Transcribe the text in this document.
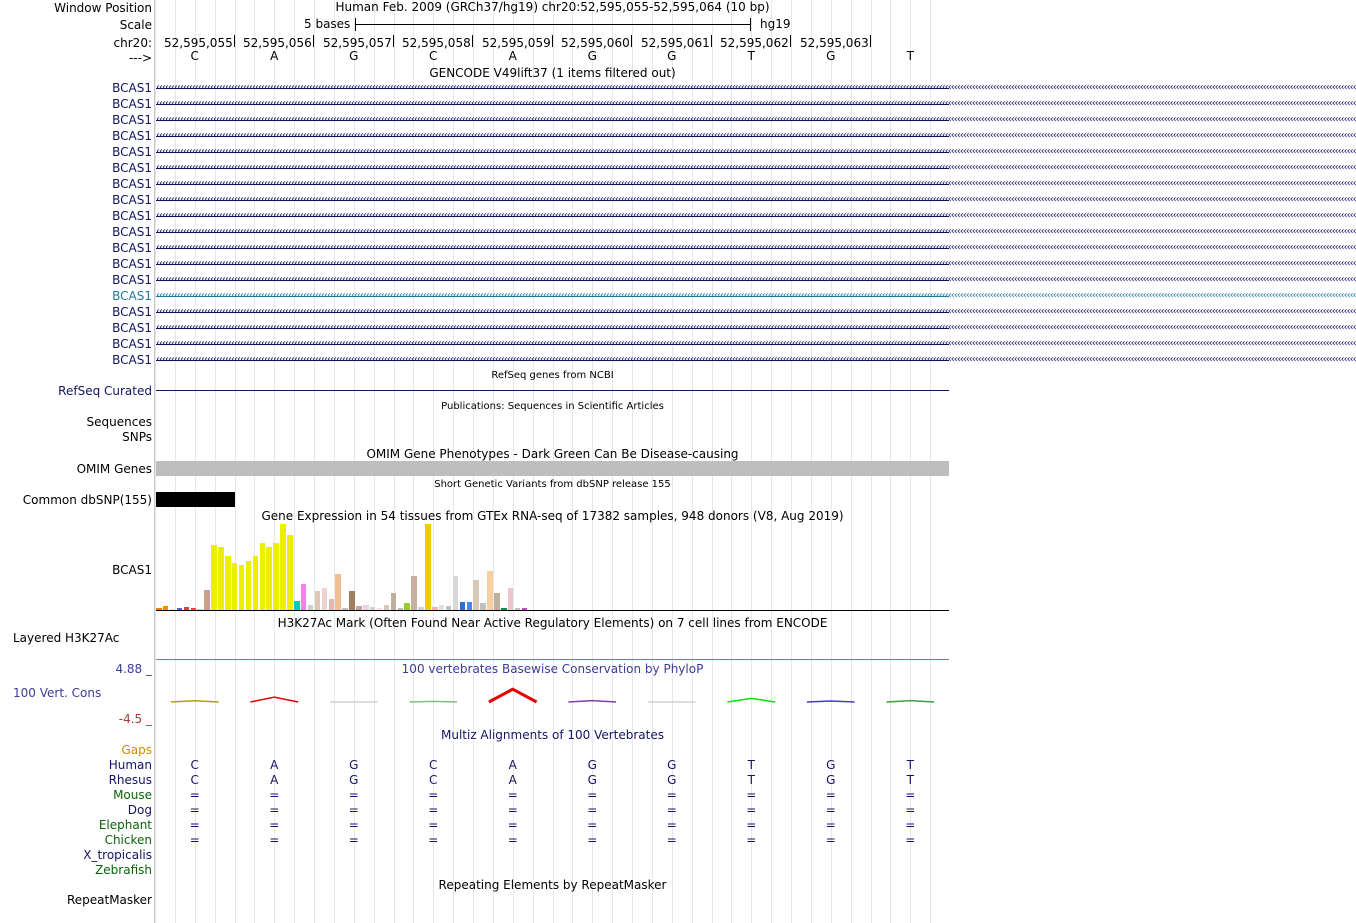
Window Position	Human Feb. 2009 (GRCh37/hg19) chr20:52,595,055-52,595,064 (10 bp)
Scale	5 bases	hg19
chr20: 52,595,055 52,595,056 52,595,057 52,595,058 52,595,059 52,595,060 52,595,061 52,595,062 52,595,063
--->	C	A	G	C	A	G	G	T	G	T
GENCODE V49lift37 (1 items filtered out)
BCAS1 ‹‹‹‹‹‹‹‹‹‹‹‹‹‹‹‹‹‹‹‹‹‹‹‹‹‹‹‹‹‹‹‹‹‹‹‹‹‹‹‹‹‹‹‹‹‹‹‹‹‹‹‹‹‹‹‹‹‹‹‹‹‹‹‹‹‹‹‹‹‹‹‹‹‹‹‹‹‹‹‹‹‹‹‹‹‹‹‹‹‹‹‹‹‹‹‹‹‹‹‹‹‹‹‹‹‹‹‹‹‹‹‹‹‹‹‹‹‹‹‹‹‹‹‹‹‹‹‹‹‹‹‹‹‹‹‹‹‹‹‹‹‹‹‹‹‹‹‹‹‹‹‹‹‹‹‹‹‹‹‹‹‹‹‹‹‹‹‹‹‹‹‹‹‹‹‹‹‹‹‹‹‹‹‹‹‹‹‹‹‹‹‹‹‹‹‹‹‹‹‹‹‹‹‹‹‹‹‹‹‹‹‹‹‹‹‹‹‹‹‹‹‹‹‹‹‹‹‹‹‹‹‹‹‹‹‹‹‹‹‹‹‹‹‹‹‹‹‹‹‹‹‹‹‹‹‹‹‹‹‹‹‹‹‹‹‹‹‹‹‹‹‹‹‹‹‹‹‹‹‹‹‹‹‹‹‹‹‹‹‹‹‹‹‹‹‹‹‹‹‹‹‹‹‹‹‹‹‹‹‹‹‹‹‹‹‹‹‹‹‹‹‹‹‹‹‹‹‹‹‹‹‹‹‹‹‹‹‹‹‹‹‹‹‹‹‹‹‹‹‹‹‹‹‹‹‹‹‹‹‹‹‹‹‹‹‹‹‹‹‹‹‹‹‹‹‹‹‹‹‹‹‹‹‹‹‹‹‹‹‹‹‹‹‹‹‹‹‹‹‹
BCAS1 ‹‹‹‹‹‹‹‹‹‹‹‹‹‹‹‹‹‹‹‹‹‹‹‹‹‹‹‹‹‹‹‹‹‹‹‹‹‹‹‹‹‹‹‹‹‹‹‹‹‹‹‹‹‹‹‹‹‹‹‹‹‹‹‹‹‹‹‹‹‹‹‹‹‹‹‹‹‹‹‹‹‹‹‹‹‹‹‹‹‹‹‹‹‹‹‹‹‹‹‹‹‹‹‹‹‹‹‹‹‹‹‹‹‹‹‹‹‹‹‹‹‹‹‹‹‹‹‹‹‹‹‹‹‹‹‹‹‹‹‹‹‹‹‹‹‹‹‹‹‹‹‹‹‹‹‹‹‹‹‹‹‹‹‹‹‹‹‹‹‹‹‹‹‹‹‹‹‹‹‹‹‹‹‹‹‹‹‹‹‹‹‹‹‹‹‹‹‹‹‹‹‹‹‹‹‹‹‹‹‹‹‹‹‹‹‹‹‹‹‹‹‹‹‹‹‹‹‹‹‹‹‹‹‹‹‹‹‹‹‹‹‹‹‹‹‹‹‹‹‹‹‹‹‹‹‹‹‹‹‹‹‹‹‹‹‹‹‹‹‹‹‹‹‹‹‹‹‹‹‹‹‹‹‹‹‹‹‹‹‹‹‹‹‹‹‹‹‹‹‹‹‹‹‹‹‹‹‹‹‹‹‹‹‹‹‹‹‹‹‹‹‹‹‹‹‹‹‹‹‹‹‹‹‹‹‹‹‹‹‹‹‹‹‹‹‹‹‹‹‹‹‹‹‹‹‹‹‹‹‹‹‹‹‹‹‹‹‹‹‹‹‹‹‹‹‹‹‹‹‹‹‹‹‹‹‹‹‹‹‹‹‹‹‹‹‹‹‹‹‹
BCAS1 ‹‹‹‹‹‹‹‹‹‹‹‹‹‹‹‹‹‹‹‹‹‹‹‹‹‹‹‹‹‹‹‹‹‹‹‹‹‹‹‹‹‹‹‹‹‹‹‹‹‹‹‹‹‹‹‹‹‹‹‹‹‹‹‹‹‹‹‹‹‹‹‹‹‹‹‹‹‹‹‹‹‹‹‹‹‹‹‹‹‹‹‹‹‹‹‹‹‹‹‹‹‹‹‹‹‹‹‹‹‹‹‹‹‹‹‹‹‹‹‹‹‹‹‹‹‹‹‹‹‹‹‹‹‹‹‹‹‹‹‹‹‹‹‹‹‹‹‹‹‹‹‹‹‹‹‹‹‹‹‹‹‹‹‹‹‹‹‹‹‹‹‹‹‹‹‹‹‹‹‹‹‹‹‹‹‹‹‹‹‹‹‹‹‹‹‹‹‹‹‹‹‹‹‹‹‹‹‹‹‹‹‹‹‹‹‹‹‹‹‹‹‹‹‹‹‹‹‹‹‹‹‹‹‹‹‹‹‹‹‹‹‹‹‹‹‹‹‹‹‹‹‹‹‹‹‹‹‹‹‹‹‹‹‹‹‹‹‹‹‹‹‹‹‹‹‹‹‹‹‹‹‹‹‹‹‹‹‹‹‹‹‹‹‹‹‹‹‹‹‹‹‹‹‹‹‹‹‹‹‹‹‹‹‹‹‹‹‹‹‹‹‹‹‹‹‹‹‹‹‹‹‹‹‹‹‹‹‹‹‹‹‹‹‹‹‹‹‹‹‹‹‹‹‹‹‹‹‹‹‹‹‹‹‹‹‹‹‹‹‹‹‹‹‹‹‹‹‹‹‹‹‹‹‹‹‹‹‹‹‹‹‹‹‹‹‹‹‹‹‹
BCAS1 ‹‹‹‹‹‹‹‹‹‹‹‹‹‹‹‹‹‹‹‹‹‹‹‹‹‹‹‹‹‹‹‹‹‹‹‹‹‹‹‹‹‹‹‹‹‹‹‹‹‹‹‹‹‹‹‹‹‹‹‹‹‹‹‹‹‹‹‹‹‹‹‹‹‹‹‹‹‹‹‹‹‹‹‹‹‹‹‹‹‹‹‹‹‹‹‹‹‹‹‹‹‹‹‹‹‹‹‹‹‹‹‹‹‹‹‹‹‹‹‹‹‹‹‹‹‹‹‹‹‹‹‹‹‹‹‹‹‹‹‹‹‹‹‹‹‹‹‹‹‹‹‹‹‹‹‹‹‹‹‹‹‹‹‹‹‹‹‹‹‹‹‹‹‹‹‹‹‹‹‹‹‹‹‹‹‹‹‹‹‹‹‹‹‹‹‹‹‹‹‹‹‹‹‹‹‹‹‹‹‹‹‹‹‹‹‹‹‹‹‹‹‹‹‹‹‹‹‹‹‹‹‹‹‹‹‹‹‹‹‹‹‹‹‹‹‹‹‹‹‹‹‹‹‹‹‹‹‹‹‹‹‹‹‹‹‹‹‹‹‹‹‹‹‹‹‹‹‹‹‹‹‹‹‹‹‹‹‹‹‹‹‹‹‹‹‹‹‹‹‹‹‹‹‹‹‹‹‹‹‹‹‹‹‹‹‹‹‹‹‹‹‹‹‹‹‹‹‹‹‹‹‹‹‹‹‹‹‹‹‹‹‹‹‹‹‹‹‹‹‹‹‹‹‹‹‹‹‹‹‹‹‹‹‹‹‹‹‹‹‹‹‹‹‹‹‹‹‹‹‹‹‹‹‹‹‹‹‹‹‹‹‹‹‹‹‹‹‹‹‹
BCAS1 ‹‹‹‹‹‹‹‹‹‹‹‹‹‹‹‹‹‹‹‹‹‹‹‹‹‹‹‹‹‹‹‹‹‹‹‹‹‹‹‹‹‹‹‹‹‹‹‹‹‹‹‹‹‹‹‹‹‹‹‹‹‹‹‹‹‹‹‹‹‹‹‹‹‹‹‹‹‹‹‹‹‹‹‹‹‹‹‹‹‹‹‹‹‹‹‹‹‹‹‹‹‹‹‹‹‹‹‹‹‹‹‹‹‹‹‹‹‹‹‹‹‹‹‹‹‹‹‹‹‹‹‹‹‹‹‹‹‹‹‹‹‹‹‹‹‹‹‹‹‹‹‹‹‹‹‹‹‹‹‹‹‹‹‹‹‹‹‹‹‹‹‹‹‹‹‹‹‹‹‹‹‹‹‹‹‹‹‹‹‹‹‹‹‹‹‹‹‹‹‹‹‹‹‹‹‹‹‹‹‹‹‹‹‹‹‹‹‹‹‹‹‹‹‹‹‹‹‹‹‹‹‹‹‹‹‹‹‹‹‹‹‹‹‹‹‹‹‹‹‹‹‹‹‹‹‹‹‹‹‹‹‹‹‹‹‹‹‹‹‹‹‹‹‹‹‹‹‹‹‹‹‹‹‹‹‹‹‹‹‹‹‹‹‹‹‹‹‹‹‹‹‹‹‹‹‹‹‹‹‹‹‹‹‹‹‹‹‹‹‹‹‹‹‹‹‹‹‹‹‹‹‹‹‹‹‹‹‹‹‹‹‹‹‹‹‹‹‹‹‹‹‹‹‹‹‹‹‹‹‹‹‹‹‹‹‹‹‹‹‹‹‹‹‹‹‹‹‹‹‹‹‹‹‹‹‹‹‹‹‹‹‹‹‹‹‹‹‹‹‹
BCAS1 ‹‹‹‹‹‹‹‹‹‹‹‹‹‹‹‹‹‹‹‹‹‹‹‹‹‹‹‹‹‹‹‹‹‹‹‹‹‹‹‹‹‹‹‹‹‹‹‹‹‹‹‹‹‹‹‹‹‹‹‹‹‹‹‹‹‹‹‹‹‹‹‹‹‹‹‹‹‹‹‹‹‹‹‹‹‹‹‹‹‹‹‹‹‹‹‹‹‹‹‹‹‹‹‹‹‹‹‹‹‹‹‹‹‹‹‹‹‹‹‹‹‹‹‹‹‹‹‹‹‹‹‹‹‹‹‹‹‹‹‹‹‹‹‹‹‹‹‹‹‹‹‹‹‹‹‹‹‹‹‹‹‹‹‹‹‹‹‹‹‹‹‹‹‹‹‹‹‹‹‹‹‹‹‹‹‹‹‹‹‹‹‹‹‹‹‹‹‹‹‹‹‹‹‹‹‹‹‹‹‹‹‹‹‹‹‹‹‹‹‹‹‹‹‹‹‹‹‹‹‹‹‹‹‹‹‹‹‹‹‹‹‹‹‹‹‹‹‹‹‹‹‹‹‹‹‹‹‹‹‹‹‹‹‹‹‹‹‹‹‹‹‹‹‹‹‹‹‹‹‹‹‹‹‹‹‹‹‹‹‹‹‹‹‹‹‹‹‹‹‹‹‹‹‹‹‹‹‹‹‹‹‹‹‹‹‹‹‹‹‹‹‹‹‹‹‹‹‹‹‹‹‹‹‹‹‹‹‹‹‹‹‹‹‹‹‹‹‹‹‹‹‹‹‹‹‹‹‹‹‹‹‹‹‹‹‹‹‹‹‹‹‹‹‹‹‹‹‹‹‹‹‹‹‹‹‹‹‹‹‹‹‹‹‹‹‹‹‹‹‹
BCAS1 ‹‹‹‹‹‹‹‹‹‹‹‹‹‹‹‹‹‹‹‹‹‹‹‹‹‹‹‹‹‹‹‹‹‹‹‹‹‹‹‹‹‹‹‹‹‹‹‹‹‹‹‹‹‹‹‹‹‹‹‹‹‹‹‹‹‹‹‹‹‹‹‹‹‹‹‹‹‹‹‹‹‹‹‹‹‹‹‹‹‹‹‹‹‹‹‹‹‹‹‹‹‹‹‹‹‹‹‹‹‹‹‹‹‹‹‹‹‹‹‹‹‹‹‹‹‹‹‹‹‹‹‹‹‹‹‹‹‹‹‹‹‹‹‹‹‹‹‹‹‹‹‹‹‹‹‹‹‹‹‹‹‹‹‹‹‹‹‹‹‹‹‹‹‹‹‹‹‹‹‹‹‹‹‹‹‹‹‹‹‹‹‹‹‹‹‹‹‹‹‹‹‹‹‹‹‹‹‹‹‹‹‹‹‹‹‹‹‹‹‹‹‹‹‹‹‹‹‹‹‹‹‹‹‹‹‹‹‹‹‹‹‹‹‹‹‹‹‹‹‹‹‹‹‹‹‹‹‹‹‹‹‹‹‹‹‹‹‹‹‹‹‹‹‹‹‹‹‹‹‹‹‹‹‹‹‹‹‹‹‹‹‹‹‹‹‹‹‹‹‹‹‹‹‹‹‹‹‹‹‹‹‹‹‹‹‹‹‹‹‹‹‹‹‹‹‹‹‹‹‹‹‹‹‹‹‹‹‹‹‹‹‹‹‹‹‹‹‹‹‹‹‹‹‹‹‹‹‹‹‹‹‹‹‹‹‹‹‹‹‹‹‹‹‹‹‹‹‹‹‹‹‹‹‹‹‹‹‹‹‹‹‹‹‹‹‹‹‹‹‹
BCAS1 ‹‹‹‹‹‹‹‹‹‹‹‹‹‹‹‹‹‹‹‹‹‹‹‹‹‹‹‹‹‹‹‹‹‹‹‹‹‹‹‹‹‹‹‹‹‹‹‹‹‹‹‹‹‹‹‹‹‹‹‹‹‹‹‹‹‹‹‹‹‹‹‹‹‹‹‹‹‹‹‹‹‹‹‹‹‹‹‹‹‹‹‹‹‹‹‹‹‹‹‹‹‹‹‹‹‹‹‹‹‹‹‹‹‹‹‹‹‹‹‹‹‹‹‹‹‹‹‹‹‹‹‹‹‹‹‹‹‹‹‹‹‹‹‹‹‹‹‹‹‹‹‹‹‹‹‹‹‹‹‹‹‹‹‹‹‹‹‹‹‹‹‹‹‹‹‹‹‹‹‹‹‹‹‹‹‹‹‹‹‹‹‹‹‹‹‹‹‹‹‹‹‹‹‹‹‹‹‹‹‹‹‹‹‹‹‹‹‹‹‹‹‹‹‹‹‹‹‹‹‹‹‹‹‹‹‹‹‹‹‹‹‹‹‹‹‹‹‹‹‹‹‹‹‹‹‹‹‹‹‹‹‹‹‹‹‹‹‹‹‹‹‹‹‹‹‹‹‹‹‹‹‹‹‹‹‹‹‹‹‹‹‹‹‹‹‹‹‹‹‹‹‹‹‹‹‹‹‹‹‹‹‹‹‹‹‹‹‹‹‹‹‹‹‹‹‹‹‹‹‹‹‹‹‹‹‹‹‹‹‹‹‹‹‹‹‹‹‹‹‹‹‹‹‹‹‹‹‹‹‹‹‹‹‹‹‹‹‹‹‹‹‹‹‹‹‹‹‹‹‹‹‹‹‹‹‹‹‹‹‹‹‹‹‹‹‹‹‹‹‹
BCAS1 ‹‹‹‹‹‹‹‹‹‹‹‹‹‹‹‹‹‹‹‹‹‹‹‹‹‹‹‹‹‹‹‹‹‹‹‹‹‹‹‹‹‹‹‹‹‹‹‹‹‹‹‹‹‹‹‹‹‹‹‹‹‹‹‹‹‹‹‹‹‹‹‹‹‹‹‹‹‹‹‹‹‹‹‹‹‹‹‹‹‹‹‹‹‹‹‹‹‹‹‹‹‹‹‹‹‹‹‹‹‹‹‹‹‹‹‹‹‹‹‹‹‹‹‹‹‹‹‹‹‹‹‹‹‹‹‹‹‹‹‹‹‹‹‹‹‹‹‹‹‹‹‹‹‹‹‹‹‹‹‹‹‹‹‹‹‹‹‹‹‹‹‹‹‹‹‹‹‹‹‹‹‹‹‹‹‹‹‹‹‹‹‹‹‹‹‹‹‹‹‹‹‹‹‹‹‹‹‹‹‹‹‹‹‹‹‹‹‹‹‹‹‹‹‹‹‹‹‹‹‹‹‹‹‹‹‹‹‹‹‹‹‹‹‹‹‹‹‹‹‹‹‹‹‹‹‹‹‹‹‹‹‹‹‹‹‹‹‹‹‹‹‹‹‹‹‹‹‹‹‹‹‹‹‹‹‹‹‹‹‹‹‹‹‹‹‹‹‹‹‹‹‹‹‹‹‹‹‹‹‹‹‹‹‹‹‹‹‹‹‹‹‹‹‹‹‹‹‹‹‹‹‹‹‹‹‹‹‹‹‹‹‹‹‹‹‹‹‹‹‹‹‹‹‹‹‹‹‹‹‹‹‹‹‹‹‹‹‹‹‹‹‹‹‹‹‹‹‹‹‹‹‹‹‹‹‹‹‹‹‹‹‹‹‹‹‹‹‹‹‹
BCAS1 ‹‹‹‹‹‹‹‹‹‹‹‹‹‹‹‹‹‹‹‹‹‹‹‹‹‹‹‹‹‹‹‹‹‹‹‹‹‹‹‹‹‹‹‹‹‹‹‹‹‹‹‹‹‹‹‹‹‹‹‹‹‹‹‹‹‹‹‹‹‹‹‹‹‹‹‹‹‹‹‹‹‹‹‹‹‹‹‹‹‹‹‹‹‹‹‹‹‹‹‹‹‹‹‹‹‹‹‹‹‹‹‹‹‹‹‹‹‹‹‹‹‹‹‹‹‹‹‹‹‹‹‹‹‹‹‹‹‹‹‹‹‹‹‹‹‹‹‹‹‹‹‹‹‹‹‹‹‹‹‹‹‹‹‹‹‹‹‹‹‹‹‹‹‹‹‹‹‹‹‹‹‹‹‹‹‹‹‹‹‹‹‹‹‹‹‹‹‹‹‹‹‹‹‹‹‹‹‹‹‹‹‹‹‹‹‹‹‹‹‹‹‹‹‹‹‹‹‹‹‹‹‹‹‹‹‹‹‹‹‹‹‹‹‹‹‹‹‹‹‹‹‹‹‹‹‹‹‹‹‹‹‹‹‹‹‹‹‹‹‹‹‹‹‹‹‹‹‹‹‹‹‹‹‹‹‹‹‹‹‹‹‹‹‹‹‹‹‹‹‹‹‹‹‹‹‹‹‹‹‹‹‹‹‹‹‹‹‹‹‹‹‹‹‹‹‹‹‹‹‹‹‹‹‹‹‹‹‹‹‹‹‹‹‹‹‹‹‹‹‹‹‹‹‹‹‹‹‹‹‹‹‹‹‹‹‹‹‹‹‹‹‹‹‹‹‹‹‹‹‹‹‹‹‹‹‹‹‹‹‹‹‹‹‹‹‹‹‹‹‹
BCAS1 ‹‹‹‹‹‹‹‹‹‹‹‹‹‹‹‹‹‹‹‹‹‹‹‹‹‹‹‹‹‹‹‹‹‹‹‹‹‹‹‹‹‹‹‹‹‹‹‹‹‹‹‹‹‹‹‹‹‹‹‹‹‹‹‹‹‹‹‹‹‹‹‹‹‹‹‹‹‹‹‹‹‹‹‹‹‹‹‹‹‹‹‹‹‹‹‹‹‹‹‹‹‹‹‹‹‹‹‹‹‹‹‹‹‹‹‹‹‹‹‹‹‹‹‹‹‹‹‹‹‹‹‹‹‹‹‹‹‹‹‹‹‹‹‹‹‹‹‹‹‹‹‹‹‹‹‹‹‹‹‹‹‹‹‹‹‹‹‹‹‹‹‹‹‹‹‹‹‹‹‹‹‹‹‹‹‹‹‹‹‹‹‹‹‹‹‹‹‹‹‹‹‹‹‹‹‹‹‹‹‹‹‹‹‹‹‹‹‹‹‹‹‹‹‹‹‹‹‹‹‹‹‹‹‹‹‹‹‹‹‹‹‹‹‹‹‹‹‹‹‹‹‹‹‹‹‹‹‹‹‹‹‹‹‹‹‹‹‹‹‹‹‹‹‹‹‹‹‹‹‹‹‹‹‹‹‹‹‹‹‹‹‹‹‹‹‹‹‹‹‹‹‹‹‹‹‹‹‹‹‹‹‹‹‹‹‹‹‹‹‹‹‹‹‹‹‹‹‹‹‹‹‹‹‹‹‹‹‹‹‹‹‹‹‹‹‹‹‹‹‹‹‹‹‹‹‹‹‹‹‹‹‹‹‹‹‹‹‹‹‹‹‹‹‹‹‹‹‹‹‹‹‹‹‹‹‹‹‹‹‹‹‹‹‹‹‹‹‹‹‹
BCAS1 ‹‹‹‹‹‹‹‹‹‹‹‹‹‹‹‹‹‹‹‹‹‹‹‹‹‹‹‹‹‹‹‹‹‹‹‹‹‹‹‹‹‹‹‹‹‹‹‹‹‹‹‹‹‹‹‹‹‹‹‹‹‹‹‹‹‹‹‹‹‹‹‹‹‹‹‹‹‹‹‹‹‹‹‹‹‹‹‹‹‹‹‹‹‹‹‹‹‹‹‹‹‹‹‹‹‹‹‹‹‹‹‹‹‹‹‹‹‹‹‹‹‹‹‹‹‹‹‹‹‹‹‹‹‹‹‹‹‹‹‹‹‹‹‹‹‹‹‹‹‹‹‹‹‹‹‹‹‹‹‹‹‹‹‹‹‹‹‹‹‹‹‹‹‹‹‹‹‹‹‹‹‹‹‹‹‹‹‹‹‹‹‹‹‹‹‹‹‹‹‹‹‹‹‹‹‹‹‹‹‹‹‹‹‹‹‹‹‹‹‹‹‹‹‹‹‹‹‹‹‹‹‹‹‹‹‹‹‹‹‹‹‹‹‹‹‹‹‹‹‹‹‹‹‹‹‹‹‹‹‹‹‹‹‹‹‹‹‹‹‹‹‹‹‹‹‹‹‹‹‹‹‹‹‹‹‹‹‹‹‹‹‹‹‹‹‹‹‹‹‹‹‹‹‹‹‹‹‹‹‹‹‹‹‹‹‹‹‹‹‹‹‹‹‹‹‹‹‹‹‹‹‹‹‹‹‹‹‹‹‹‹‹‹‹‹‹‹‹‹‹‹‹‹‹‹‹‹‹‹‹‹‹‹‹‹‹‹‹‹‹‹‹‹‹‹‹‹‹‹‹‹‹‹‹‹‹‹‹‹‹‹‹‹‹‹‹‹‹‹‹
BCAS1 ‹‹‹‹‹‹‹‹‹‹‹‹‹‹‹‹‹‹‹‹‹‹‹‹‹‹‹‹‹‹‹‹‹‹‹‹‹‹‹‹‹‹‹‹‹‹‹‹‹‹‹‹‹‹‹‹‹‹‹‹‹‹‹‹‹‹‹‹‹‹‹‹‹‹‹‹‹‹‹‹‹‹‹‹‹‹‹‹‹‹‹‹‹‹‹‹‹‹‹‹‹‹‹‹‹‹‹‹‹‹‹‹‹‹‹‹‹‹‹‹‹‹‹‹‹‹‹‹‹‹‹‹‹‹‹‹‹‹‹‹‹‹‹‹‹‹‹‹‹‹‹‹‹‹‹‹‹‹‹‹‹‹‹‹‹‹‹‹‹‹‹‹‹‹‹‹‹‹‹‹‹‹‹‹‹‹‹‹‹‹‹‹‹‹‹‹‹‹‹‹‹‹‹‹‹‹‹‹‹‹‹‹‹‹‹‹‹‹‹‹‹‹‹‹‹‹‹‹‹‹‹‹‹‹‹‹‹‹‹‹‹‹‹‹‹‹‹‹‹‹‹‹‹‹‹‹‹‹‹‹‹‹‹‹‹‹‹‹‹‹‹‹‹‹‹‹‹‹‹‹‹‹‹‹‹‹‹‹‹‹‹‹‹‹‹‹‹‹‹‹‹‹‹‹‹‹‹‹‹‹‹‹‹‹‹‹‹‹‹‹‹‹‹‹‹‹‹‹‹‹‹‹‹‹‹‹‹‹‹‹‹‹‹‹‹‹‹‹‹‹‹‹‹‹‹‹‹‹‹‹‹‹‹‹‹‹‹‹‹‹‹‹‹‹‹‹‹‹‹‹‹‹‹‹‹‹‹‹‹‹‹‹‹‹‹‹‹‹‹‹
BCAS1 ‹‹‹‹‹‹‹‹‹‹‹‹‹‹‹‹‹‹‹‹‹‹‹‹‹‹‹‹‹‹‹‹‹‹‹‹‹‹‹‹‹‹‹‹‹‹‹‹‹‹‹‹‹‹‹‹‹‹‹‹‹‹‹‹‹‹‹‹‹‹‹‹‹‹‹‹‹‹‹‹‹‹‹‹‹‹‹‹‹‹‹‹‹‹‹‹‹‹‹‹‹‹‹‹‹‹‹‹‹‹‹‹‹‹‹‹‹‹‹‹‹‹‹‹‹‹‹‹‹‹‹‹‹‹‹‹‹‹‹‹‹‹‹‹‹‹‹‹‹‹‹‹‹‹‹‹‹‹‹‹‹‹‹‹‹‹‹‹‹‹‹‹‹‹‹‹‹‹‹‹‹‹‹‹‹‹‹‹‹‹‹‹‹‹‹‹‹‹‹‹‹‹‹‹‹‹‹‹‹‹‹‹‹‹‹‹‹‹‹‹‹‹‹‹‹‹‹‹‹‹‹‹‹‹‹‹‹‹‹‹‹‹‹‹‹‹‹‹‹‹‹‹‹‹‹‹‹‹‹‹‹‹‹‹‹‹‹‹‹‹‹‹‹‹‹‹‹‹‹‹‹‹‹‹‹‹‹‹‹‹‹‹‹‹‹‹‹‹‹‹‹‹‹‹‹‹‹‹‹‹‹‹‹‹‹‹‹‹‹‹‹‹‹‹‹‹‹‹‹‹‹‹‹‹‹‹‹‹‹‹‹‹‹‹‹‹‹‹‹‹‹‹‹‹‹‹‹‹‹‹‹‹‹‹‹‹‹‹‹‹‹‹‹‹‹‹‹‹‹‹‹‹‹‹‹‹‹‹‹‹‹‹‹‹‹‹‹‹‹‹
BCAS1 ‹‹‹‹‹‹‹‹‹‹‹‹‹‹‹‹‹‹‹‹‹‹‹‹‹‹‹‹‹‹‹‹‹‹‹‹‹‹‹‹‹‹‹‹‹‹‹‹‹‹‹‹‹‹‹‹‹‹‹‹‹‹‹‹‹‹‹‹‹‹‹‹‹‹‹‹‹‹‹‹‹‹‹‹‹‹‹‹‹‹‹‹‹‹‹‹‹‹‹‹‹‹‹‹‹‹‹‹‹‹‹‹‹‹‹‹‹‹‹‹‹‹‹‹‹‹‹‹‹‹‹‹‹‹‹‹‹‹‹‹‹‹‹‹‹‹‹‹‹‹‹‹‹‹‹‹‹‹‹‹‹‹‹‹‹‹‹‹‹‹‹‹‹‹‹‹‹‹‹‹‹‹‹‹‹‹‹‹‹‹‹‹‹‹‹‹‹‹‹‹‹‹‹‹‹‹‹‹‹‹‹‹‹‹‹‹‹‹‹‹‹‹‹‹‹‹‹‹‹‹‹‹‹‹‹‹‹‹‹‹‹‹‹‹‹‹‹‹‹‹‹‹‹‹‹‹‹‹‹‹‹‹‹‹‹‹‹‹‹‹‹‹‹‹‹‹‹‹‹‹‹‹‹‹‹‹‹‹‹‹‹‹‹‹‹‹‹‹‹‹‹‹‹‹‹‹‹‹‹‹‹‹‹‹‹‹‹‹‹‹‹‹‹‹‹‹‹‹‹‹‹‹‹‹‹‹‹‹‹‹‹‹‹‹‹‹‹‹‹‹‹‹‹‹‹‹‹‹‹‹‹‹‹‹‹‹‹‹‹‹‹‹‹‹‹‹‹‹‹‹‹‹‹‹‹‹‹‹‹‹‹‹‹‹‹‹‹‹‹‹
BCAS1 ‹‹‹‹‹‹‹‹‹‹‹‹‹‹‹‹‹‹‹‹‹‹‹‹‹‹‹‹‹‹‹‹‹‹‹‹‹‹‹‹‹‹‹‹‹‹‹‹‹‹‹‹‹‹‹‹‹‹‹‹‹‹‹‹‹‹‹‹‹‹‹‹‹‹‹‹‹‹‹‹‹‹‹‹‹‹‹‹‹‹‹‹‹‹‹‹‹‹‹‹‹‹‹‹‹‹‹‹‹‹‹‹‹‹‹‹‹‹‹‹‹‹‹‹‹‹‹‹‹‹‹‹‹‹‹‹‹‹‹‹‹‹‹‹‹‹‹‹‹‹‹‹‹‹‹‹‹‹‹‹‹‹‹‹‹‹‹‹‹‹‹‹‹‹‹‹‹‹‹‹‹‹‹‹‹‹‹‹‹‹‹‹‹‹‹‹‹‹‹‹‹‹‹‹‹‹‹‹‹‹‹‹‹‹‹‹‹‹‹‹‹‹‹‹‹‹‹‹‹‹‹‹‹‹‹‹‹‹‹‹‹‹‹‹‹‹‹‹‹‹‹‹‹‹‹‹‹‹‹‹‹‹‹‹‹‹‹‹‹‹‹‹‹‹‹‹‹‹‹‹‹‹‹‹‹‹‹‹‹‹‹‹‹‹‹‹‹‹‹‹‹‹‹‹‹‹‹‹‹‹‹‹‹‹‹‹‹‹‹‹‹‹‹‹‹‹‹‹‹‹‹‹‹‹‹‹‹‹‹‹‹‹‹‹‹‹‹‹‹‹‹‹‹‹‹‹‹‹‹‹‹‹‹‹‹‹‹‹‹‹‹‹‹‹‹‹‹‹‹‹‹‹‹‹‹‹‹‹‹‹‹‹‹‹‹‹‹‹‹‹
BCAS1 ‹‹‹‹‹‹‹‹‹‹‹‹‹‹‹‹‹‹‹‹‹‹‹‹‹‹‹‹‹‹‹‹‹‹‹‹‹‹‹‹‹‹‹‹‹‹‹‹‹‹‹‹‹‹‹‹‹‹‹‹‹‹‹‹‹‹‹‹‹‹‹‹‹‹‹‹‹‹‹‹‹‹‹‹‹‹‹‹‹‹‹‹‹‹‹‹‹‹‹‹‹‹‹‹‹‹‹‹‹‹‹‹‹‹‹‹‹‹‹‹‹‹‹‹‹‹‹‹‹‹‹‹‹‹‹‹‹‹‹‹‹‹‹‹‹‹‹‹‹‹‹‹‹‹‹‹‹‹‹‹‹‹‹‹‹‹‹‹‹‹‹‹‹‹‹‹‹‹‹‹‹‹‹‹‹‹‹‹‹‹‹‹‹‹‹‹‹‹‹‹‹‹‹‹‹‹‹‹‹‹‹‹‹‹‹‹‹‹‹‹‹‹‹‹‹‹‹‹‹‹‹‹‹‹‹‹‹‹‹‹‹‹‹‹‹‹‹‹‹‹‹‹‹‹‹‹‹‹‹‹‹‹‹‹‹‹‹‹‹‹‹‹‹‹‹‹‹‹‹‹‹‹‹‹‹‹‹‹‹‹‹‹‹‹‹‹‹‹‹‹‹‹‹‹‹‹‹‹‹‹‹‹‹‹‹‹‹‹‹‹‹‹‹‹‹‹‹‹‹‹‹‹‹‹‹‹‹‹‹‹‹‹‹‹‹‹‹‹‹‹‹‹‹‹‹‹‹‹‹‹‹‹‹‹‹‹‹‹‹‹‹‹‹‹‹‹‹‹‹‹‹‹‹‹‹‹‹‹‹‹‹‹‹‹‹‹‹‹‹‹
BCAS1 ‹‹‹‹‹‹‹‹‹‹‹‹‹‹‹‹‹‹‹‹‹‹‹‹‹‹‹‹‹‹‹‹‹‹‹‹‹‹‹‹‹‹‹‹‹‹‹‹‹‹‹‹‹‹‹‹‹‹‹‹‹‹‹‹‹‹‹‹‹‹‹‹‹‹‹‹‹‹‹‹‹‹‹‹‹‹‹‹‹‹‹‹‹‹‹‹‹‹‹‹‹‹‹‹‹‹‹‹‹‹‹‹‹‹‹‹‹‹‹‹‹‹‹‹‹‹‹‹‹‹‹‹‹‹‹‹‹‹‹‹‹‹‹‹‹‹‹‹‹‹‹‹‹‹‹‹‹‹‹‹‹‹‹‹‹‹‹‹‹‹‹‹‹‹‹‹‹‹‹‹‹‹‹‹‹‹‹‹‹‹‹‹‹‹‹‹‹‹‹‹‹‹‹‹‹‹‹‹‹‹‹‹‹‹‹‹‹‹‹‹‹‹‹‹‹‹‹‹‹‹‹‹‹‹‹‹‹‹‹‹‹‹‹‹‹‹‹‹‹‹‹‹‹‹‹‹‹‹‹‹‹‹‹‹‹‹‹‹‹‹‹‹‹‹‹‹‹‹‹‹‹‹‹‹‹‹‹‹‹‹‹‹‹‹‹‹‹‹‹‹‹‹‹‹‹‹‹‹‹‹‹‹‹‹‹‹‹‹‹‹‹‹‹‹‹‹‹‹‹‹‹‹‹‹‹‹‹‹‹‹‹‹‹‹‹‹‹‹‹‹‹‹‹‹‹‹‹‹‹‹‹‹‹‹‹‹‹‹‹‹‹‹‹‹‹‹‹‹‹‹‹‹‹‹‹‹‹‹‹‹‹‹‹‹‹‹‹‹‹‹
RefSeq genes from NCBI
RefSeq Curated
Publications: Sequences in Scientific Articles
Sequences
SNPs
OMIM Gene Phenotypes - Dark Green Can Be Disease-causing
OMIM Genes
Short Genetic Variants from dbSNP release 155
Common dbSNP(155)
Gene Expression in 54 tissues from GTEx RNA-seq of 17382 samples, 948 donors (V8, Aug 2019)
BCAS1
H3K27Ac Mark (Often Found Near Active Regulatory Elements) on 7 cell lines from ENCODE
Layered H3K27Ac
100 vertebrates Basewise Conservation by PhyloP
4.88 _
100 Vert. Cons
-4.5 _
Multiz Alignments of 100 Vertebrates
Gaps
Human	C	A	G	C	A	G	G	T	G	T
Rhesus	C	A	G	C	A	G	G	T	G	T
Mouse	=	=	=	=	=	=	=	=	=	=
Dog	=	=	=	=	=	=	=	=	=	=
Elephant	=	=	=	=	=	=	=	=	=	=
Chicken	=	=	=	=	=	=	=	=	=	=
X_tropicalis
Zebrafish
Repeating Elements by RepeatMasker
RepeatMasker
